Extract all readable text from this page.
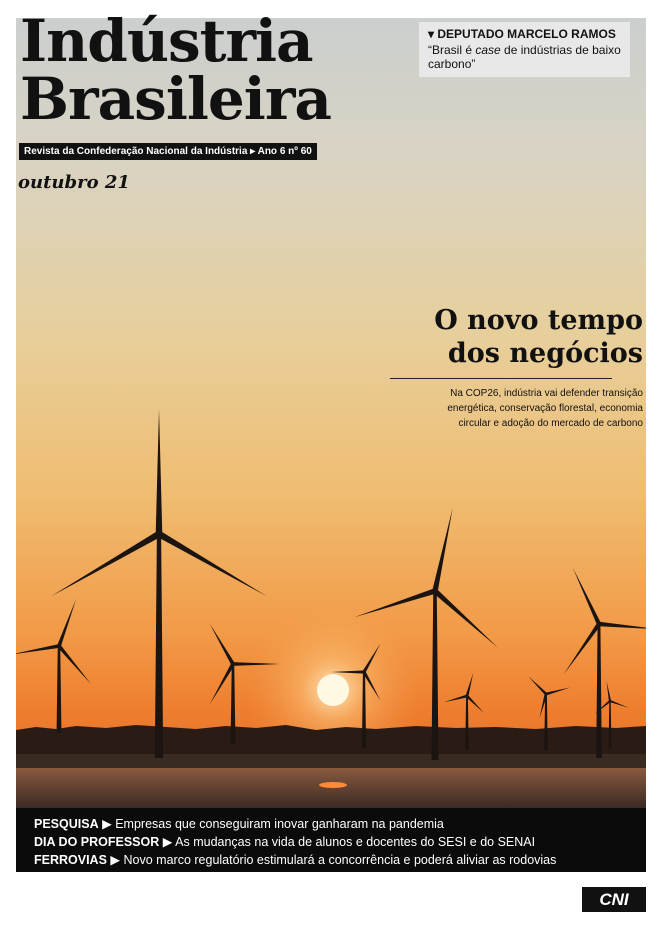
Indústria
Brasileira
Revista da Confederação Nacional da Indústria ▸ Ano 6 nº 60
outubro 21
▾ DEPUTADO MARCELO RAMOS
“Brasil é case de indústrias de baixo carbono”
O novo tempo
dos negócios
Na COP26, indústria vai defender transição energética, conservação florestal, economia circular e adoção do mercado de carbono
PESQUISA ▶ Empresas que conseguiram inovar ganharam na pandemia
DIA DO PROFESSOR ▶ As mudanças na vida de alunos e docentes do SESI e do SENAI
FERROVIAS ▶ Novo marco regulatório estimulará a concorrência e poderá aliviar as rodovias
CNI
